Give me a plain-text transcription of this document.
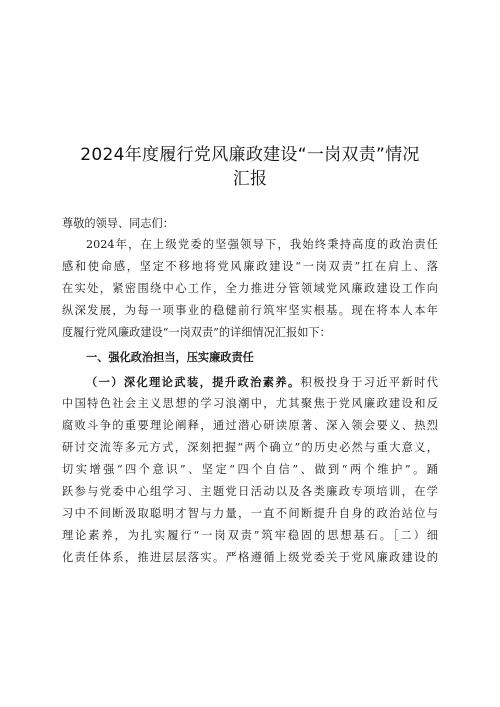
2024年度履行党风廉政建设“一岗双责”情况
汇报
尊敬的领导、同志们：
2024年，在上级党委的坚强领导下，我始终秉持高度的政治责任
感和使命感，坚定不移地将党风廉政建设“一岗双责”扛在肩上、落
在实处，紧密围绕中心工作，全力推进分管领域党风廉政建设工作向
纵深发展，为每一项事业的稳健前行筑牢坚实根基。现在将本人本年
度履行党风廉政建设“一岗双责”的详细情况汇报如下：
一、强化政治担当，压实廉政责任
（一）深化理论武装，提升政治素养。积极投身于习近平新时代
中国特色社会主义思想的学习浪潮中，尤其聚焦于党风廉政建设和反
腐败斗争的重要理论阐释，通过潜心研读原著、深入领会要义、热烈
研讨交流等多元方式，深刻把握“两个确立”的历史必然与重大意义，
切实增强“四个意识”、坚定“四个自信”、做到“两个维护”。踊
跃参与党委中心组学习、主题党日活动以及各类廉政专项培训，在学
习中不间断汲取聪明才智与力量，一直不间断提升自身的政治站位与
理论素养，为扎实履行“一岗双责”筑牢稳固的思想基石。［二）细
化责任体系，推进层层落实。严格遵循上级党委关于党风廉政建设的
